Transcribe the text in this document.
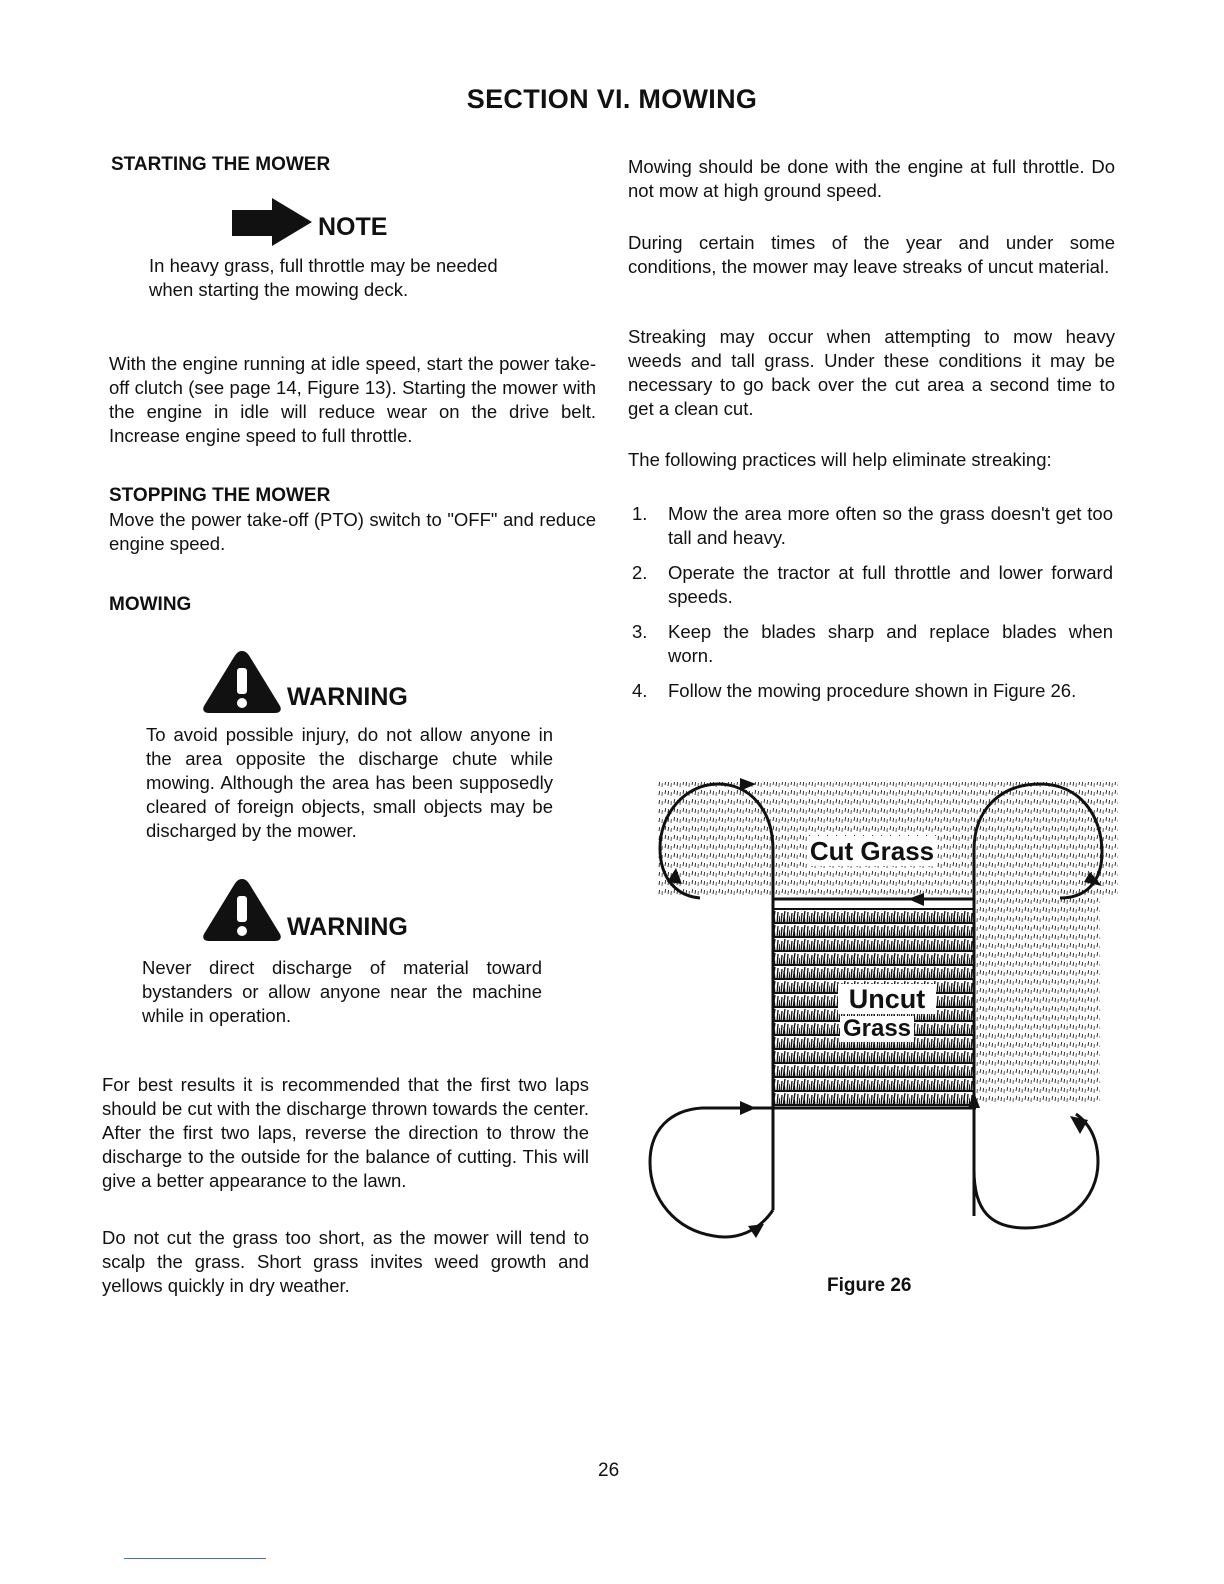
SECTION VI. MOWING
STARTING THE MOWER
NOTE
In heavy grass, full throttle may be needed
when starting the mowing deck.
With the engine running at idle speed, start the power take-off clutch (see page 14, Figure 13). Starting the mower with the engine in idle will reduce wear on the drive belt. Increase engine speed to full throttle.
STOPPING THE MOWER
Move the power take-off (PTO) switch to "OFF" and reduce engine speed.
MOWING
WARNING
To avoid possible injury, do not allow anyone in the area opposite the discharge chute while mowing. Although the area has been supposedly cleared of foreign objects, small objects may be discharged by the mower.
WARNING
Never direct discharge of material toward bystanders or allow anyone near the machine while in operation.
For best results it is recommended that the first two laps should be cut with the discharge thrown towards the center. After the first two laps, reverse the direction to throw the discharge to the outside for the balance of cutting. This will give a better appearance to the lawn.
Do not cut the grass too short, as the mower will tend to scalp the grass. Short grass invites weed growth and yellows quickly in dry weather.
Mowing should be done with the engine at full throttle. Do not mow at high ground speed.
During certain times of the year and under some conditions, the mower may leave streaks of uncut material.
Streaking may occur when attempting to mow heavy weeds and tall grass. Under these conditions it may be necessary to go back over the cut area a second time to get a clean cut.
The following practices will help eliminate streaking:
1.	Mow the area more often so the grass doesn't get too tall and heavy.
2.	Operate the tractor at full throttle and lower forward speeds.
3.	Keep the blades sharp and replace blades when worn.
4.	Follow the mowing procedure shown in Figure 26.
Cut Grass
Uncut
Grass
Figure 26
26
